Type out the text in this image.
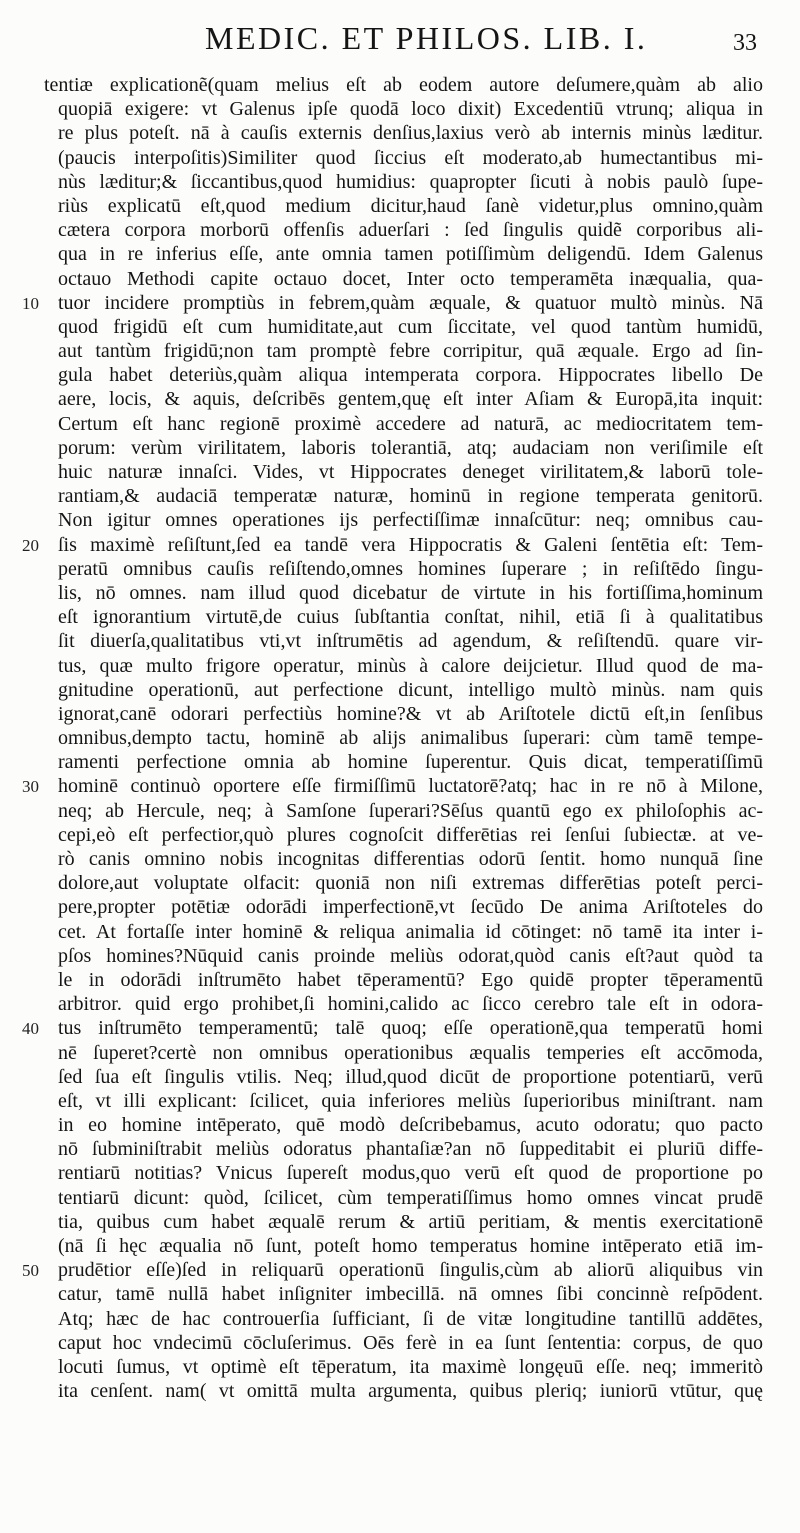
MEDIC. ET PHILOS. LIB. I.	33
tentiæ explicationẽ(quam melius eſt ab eodem autore deſumere,quàm ab alio
quopiā exigere: vt Galenus ipſe quodā loco dixit) Excedentiū vtrunq; aliqua in
re plus poteſt. nā à cauſis externis denſius,laxius verò ab internis minùs læditur.
(paucis interpoſitis)Similiter quod ſiccius eſt moderato,ab humectantibus mi-
nùs læditur;& ſiccantibus,quod humidius: quapropter ſicuti à nobis paulò ſupe-
riùs explicatū eſt,quod medium dicitur,haud ſanè videtur,plus omnino,quàm
cætera corpora morborū offenſis aduerſari : ſed ſingulis quidẽ corporibus ali-
qua in re inferius eſſe, ante omnia tamen potiſſimùm deligendū. Idem Galenus
octauo Methodi capite octauo docet, Inter octo temperamēta inæqualia, qua-
10 tuor incidere promptiùs in febrem,quàm æquale, & quatuor multò minùs. Nā
quod frigidū eſt cum humiditate,aut cum ſiccitate, vel quod tantùm humidū,
aut tantùm frigidū;non tam promptè febre corripitur, quā æquale. Ergo ad ſin-
gula habet deteriùs,quàm aliqua intemperata corpora. Hippocrates libello De
aere, locis, & aquis, deſcribēs gentem,quę eſt inter Aſiam & Europā,ita inquit:
Certum eſt hanc regionē proximè accedere ad naturā, ac mediocritatem tem-
porum: verùm virilitatem, laboris tolerantiā, atq; audaciam non veriſimile eſt
huic naturæ innaſci. Vides, vt Hippocrates deneget virilitatem,& laborū tole-
rantiam,& audaciā temperatæ naturæ, hominū in regione temperata genitorū.
Non igitur omnes operationes ijs perfectiſſimæ innaſcūtur: neq; omnibus cau-
20 ſis maximè reſiſtunt,ſed ea tandē vera Hippocratis & Galeni ſentētia eſt: Tem-
peratū omnibus cauſis reſiſtendo,omnes homines ſuperare ; in reſiſtēdo ſingu-
lis, nō omnes. nam illud quod dicebatur de virtute in his fortiſſima,hominum
eſt ignorantium virtutē,de cuius ſubſtantia conſtat, nihil, etiā ſi à qualitatibus
ſit diuerſa,qualitatibus vti,vt inſtrumētis ad agendum, & reſiſtendū. quare vir-
tus, quæ multo frigore operatur, minùs à calore deijcietur. Illud quod de ma-
gnitudine operationū, aut perfectione dicunt, intelligo multò minùs. nam quis
ignorat,canē odorari perfectiùs homine?& vt ab Ariſtotele dictū eſt,in ſenſibus
omnibus,dempto tactu, hominē ab alijs animalibus ſuperari: cùm tamē tempe-
ramenti perfectione omnia ab homine ſuperentur. Quis dicat, temperatiſſimū
30 hominē continuò oportere eſſe firmiſſimū luctatorē?atq; hac in re nō à Milone,
neq; ab Hercule, neq; à Samſone ſuperari?Sēſus quantū ego ex philoſophis ac-
cepi,eò eſt perfectior,quò plures cognoſcit differētias rei ſenſui ſubiectæ. at ve-
rò canis omnino nobis incognitas differentias odorū ſentit. homo nunquā ſine
dolore,aut voluptate olfacit: quoniā non niſi extremas differētias poteſt perci-
pere,propter potētiæ odorādi imperfectionē,vt ſecūdo De anima Ariſtoteles do
cet. At fortaſſe inter hominē & reliqua animalia id cōtinget: nō tamē ita inter i-
pſos homines?Nūquid canis proinde meliùs odorat,quòd canis eſt?aut quòd ta
le in odorādi inſtrumēto habet tēperamentū? Ego quidē propter tēperamentū
arbitror. quid ergo prohibet,ſi homini,calido ac ſicco cerebro tale eſt in odora-
40 tus inſtrumēto temperamentū; talē quoq; eſſe operationē,qua temperatū homi
nē ſuperet?certè non omnibus operationibus æqualis temperies eſt accōmoda,
ſed ſua eſt ſingulis vtilis. Neq; illud,quod dicūt de proportione potentiarū, verū
eſt, vt illi explicant: ſcilicet, quia inferiores meliùs ſuperioribus miniſtrant. nam
in eo homine intēperato, quē modò deſcribebamus, acuto odoratu; quo pacto
nō ſubminiſtrabit meliùs odoratus phantaſiæ?an nō ſuppeditabit ei pluriū diffe-
rentiarū notitias? Vnicus ſupereſt modus,quo verū eſt quod de proportione po
tentiarū dicunt: quòd, ſcilicet, cùm temperatiſſimus homo omnes vincat prudē
tia, quibus cum habet æqualē rerum & artiū peritiam, & mentis exercitationē
(nā ſi hęc æqualia nō ſunt, poteſt homo temperatus homine intēperato etiā im-
50 prudētior eſſe)ſed in reliquarū operationū ſingulis,cùm ab aliorū aliquibus vin
catur, tamē nullā habet inſigniter imbecillā. nā omnes ſibi concinnè reſpōdent.
Atq; hæc de hac controuerſia ſufficiant, ſi de vitæ longitudine tantillū addētes,
caput hoc vndecimū cōcluſerimus. Oēs ferè in ea ſunt ſententia: corpus, de quo
locuti ſumus, vt optimè eſt tēperatum, ita maximè longęuū eſſe. neq; immeritò
ita cenſent. nam( vt omittā multa argumenta, quibus pleriq; iuniorū vtūtur, quę
